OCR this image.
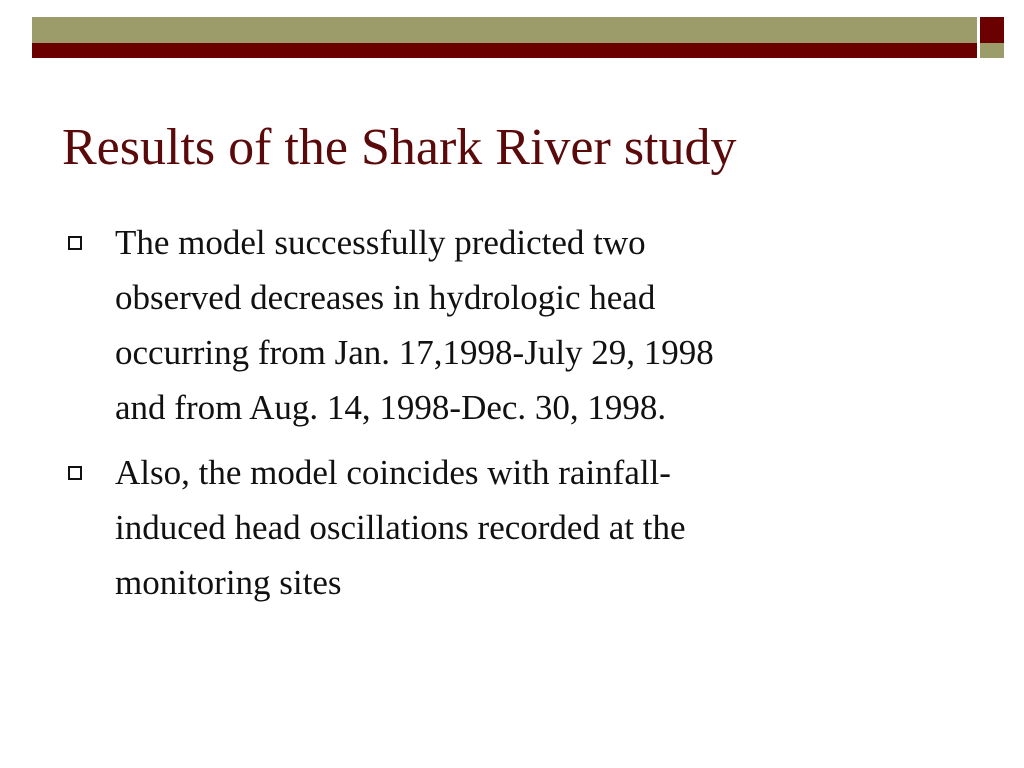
Results of the Shark River study
The model successfully predicted two
observed decreases in hydrologic head
occurring from Jan. 17,1998-July 29, 1998
and from Aug. 14, 1998-Dec. 30, 1998.
Also, the model coincides with rainfall-
induced head oscillations recorded at the
monitoring sites
